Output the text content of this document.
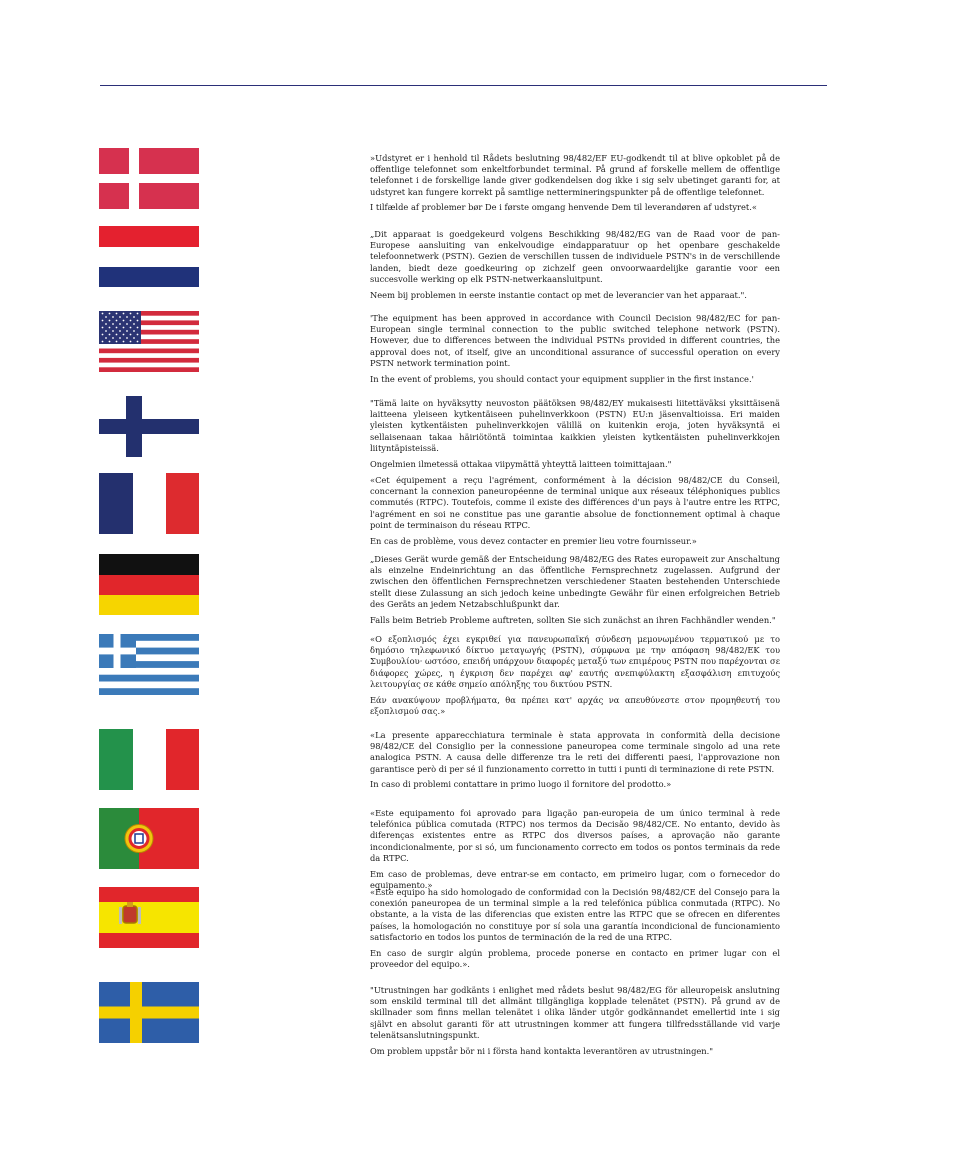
»Udstyret er i henhold til Rådets beslutning 98/482/EF EU-godkendt til at blive opkoblet på de offentlige telefonnet som enkeltforbundet terminal. På grund af forskelle mellem de offentlige telefonnet i de forskellige lande giver godkendelsen dog ikke i sig selv ubetinget garanti for, at udstyret kan fungere korrekt på samtlige nettermineringspunkter på de offentlige telefonnet.

I tilfælde af problemer bør De i første omgang henvende Dem til leverandøren af udstyret.«

„Dit apparaat is goedgekeurd volgens Beschikking 98/482/EG van de Raad voor de pan-Europese aansluiting van enkelvoudige eindapparatuur op het openbare geschakelde telefoonnetwerk (PSTN). Gezien de verschillen tussen de individuele PSTN's in de verschillende landen, biedt deze goedkeuring op zichzelf geen onvoorwaardelijke garantie voor een succesvolle werking op elk PSTN-netwerkaansluitpunt.

Neem bij problemen in eerste instantie contact op met de leverancier van het apparaat.".

'The equipment has been approved in accordance with Council Decision 98/482/EC for pan-European single terminal connection to the public switched telephone network (PSTN). However, due to differences between the individual PSTNs provided in different countries, the approval does not, of itself, give an unconditional assurance of successful operation on every PSTN network termination point.

In the event of problems, you should contact your equipment supplier in the first instance.'

"Tämä laite on hyväksytty neuvoston päätöksen 98/482/EY mukaisesti liitettäväksi yksittäisenä laitteena yleiseen kytkentäiseen puhelinverkkoon (PSTN) EU:n jäsenvaltioissa. Eri maiden yleisten kytkentäisten puhelinverkkojen välillä on kuitenkin eroja, joten hyväksyntä ei sellaisenaan takaa häiriötöntä toimintaa kaikkien yleisten kytkentäisten puhelinverkkojen liityntäpisteissä.

Ongelmien ilmetessä ottakaa viipymättä yhteyttä laitteen toimittajaan."

«Cet équipement a reçu l'agrément, conformément à la décision 98/482/CE du Conseil, concernant la connexion paneuropéenne de terminal unique aux réseaux téléphoniques publics commutés (RTPC). Toutefois, comme il existe des différences d'un pays à l'autre entre les RTPC, l'agrément en soi ne constitue pas une garantie absolue de fonctionnement optimal à chaque point de terminaison du réseau RTPC.

En cas de problème, vous devez contacter en premier lieu votre fournisseur.»

„Dieses Gerät wurde gemäß der Entscheidung 98/482/EG des Rates europaweit zur Anschaltung als einzelne Endeinrichtung an das öffentliche Fernsprechnetz zugelassen. Aufgrund der zwischen den öffentlichen Fernsprechnetzen verschiedener Staaten bestehenden Unterschiede stellt diese Zulassung an sich jedoch keine unbedingte Gewähr für einen erfolgreichen Betrieb des Geräts an jedem Netzabschlußpunkt dar.

Falls beim Betrieb Probleme auftreten, sollten Sie sich zunächst an ihren Fachhändler wenden."

«Ο εξοπλισμός έχει εγκριθεί για πανευρωπαϊκή σύνδεση μεμονωμένου τερματικού με το δημόσιο τηλεφωνικό δίκτυο μεταγωγής (PSTN), σύμφωνα με την απόφαση 98/482/ΕΚ του Συμβουλίου· ωστόσο, επειδή υπάρχουν διαφορές μεταξύ των επιμέρους PSTN που παρέχονται σε διάφορες χώρες, η έγκριση δεν παρέχει αφ' εαυτής ανεπιφύλακτη εξασφάλιση επιτυχούς λειτουργίας σε κάθε σημείο απόληξης του δικτύου PSTN.

Εάν ανακύψουν προβλήματα, θα πρέπει κατ' αρχάς να απευθύνεστε στον προμηθευτή του εξοπλισμού σας.»

«La presente apparecchiatura terminale è stata approvata in conformità della decisione 98/482/CE del Consiglio per la connessione paneuropea come terminale singolo ad una rete analogica PSTN. A causa delle differenze tra le reti dei differenti paesi, l'approvazione non garantisce però di per sé il funzionamento corretto in tutti i punti di terminazione di rete PSTN.

In caso di problemi contattare in primo luogo il fornitore del prodotto.»

«Este equipamento foi aprovado para ligação pan-europeia de um único terminal à rede telefónica pública comutada (RTPC) nos termos da Decisão 98/482/CE. No entanto, devido às diferenças existentes entre as RTPC dos diversos países, a aprovação não garante incondicionalmente, por si só, um funcionamento correcto em todos os pontos terminais da rede da RTPC.

Em caso de problemas, deve entrar-se em contacto, em primeiro lugar, com o fornecedor do equipamento.»

«Este equipo ha sido homologado de conformidad con la Decisión 98/482/CE del Consejo para la conexión paneuropea de un terminal simple a la red telefónica pública conmutada (RTPC). No obstante, a la vista de las diferencias que existen entre las RTPC que se ofrecen en diferentes países, la homologación no constituye por sí sola una garantía incondicional de funcionamiento satisfactorio en todos los puntos de terminación de la red de una RTPC.

En caso de surgir algún problema, procede ponerse en contacto en primer lugar con el proveedor del equipo.».

"Utrustningen har godkänts i enlighet med rådets beslut 98/482/EG för alleuropeisk anslutning som enskild terminal till det allmänt tillgängliga kopplade telenätet (PSTN). På grund av de skillnader som finns mellan telenätet i olika länder utgör godkännandet emellertid inte i sig självt en absolut garanti för att utrustningen kommer att fungera tillfredsställande vid varje telenätsanslutningspunkt.

Om problem uppstår bör ni i första hand kontakta leverantören av utrustningen."
